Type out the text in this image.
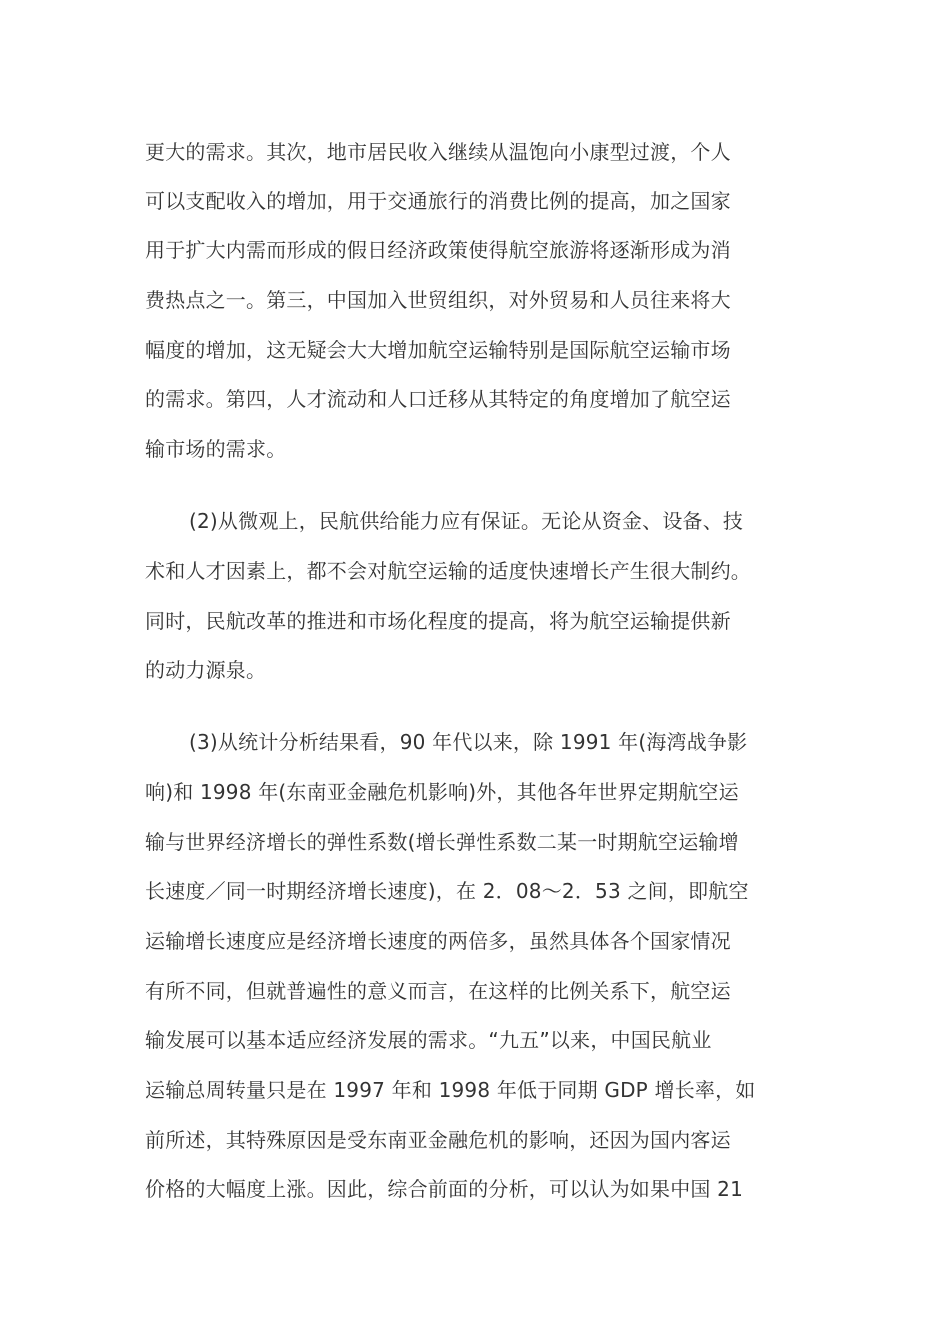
更大的需求。其次，地市居民收入继续从温饱向小康型过渡，个人
可以支配收入的增加，用于交通旅行的消费比例的提高，加之国家
用于扩大内需而形成的假日经济政策使得航空旅游将逐渐形成为消
费热点之一。第三，中国加入世贸组织，对外贸易和人员往来将大
幅度的增加，这无疑会大大增加航空运输特别是国际航空运输市场
的需求。第四，人才流动和人口迁移从其特定的角度增加了航空运
输市场的需求。
(2)从微观上，民航供给能力应有保证。无论从资金、设备、技
术和人才因素上，都不会对航空运输的适度快速增长产生很大制约。
同时，民航改革的推进和市场化程度的提高，将为航空运输提供新
的动力源泉。
(3)从统计分析结果看，90 年代以来，除 1991 年(海湾战争影
响)和 1998 年(东南亚金融危机影响)外，其他各年世界定期航空运
输与世界经济增长的弹性系数(增长弹性系数二某一时期航空运输增
长速度／同一时期经济增长速度)，在 2．08～2．53 之间，即航空
运输增长速度应是经济增长速度的两倍多，虽然具体各个国家情况
有所不同，但就普遍性的意义而言，在这样的比例关系下，航空运
输发展可以基本适应经济发展的需求。“九五”以来，中国民航业
运输总周转量只是在 1997 年和 1998 年低于同期 GDP 增长率，如
前所述，其特殊原因是受东南亚金融危机的影响，还因为国内客运
价格的大幅度上涨。因此，综合前面的分析，可以认为如果中国 21
